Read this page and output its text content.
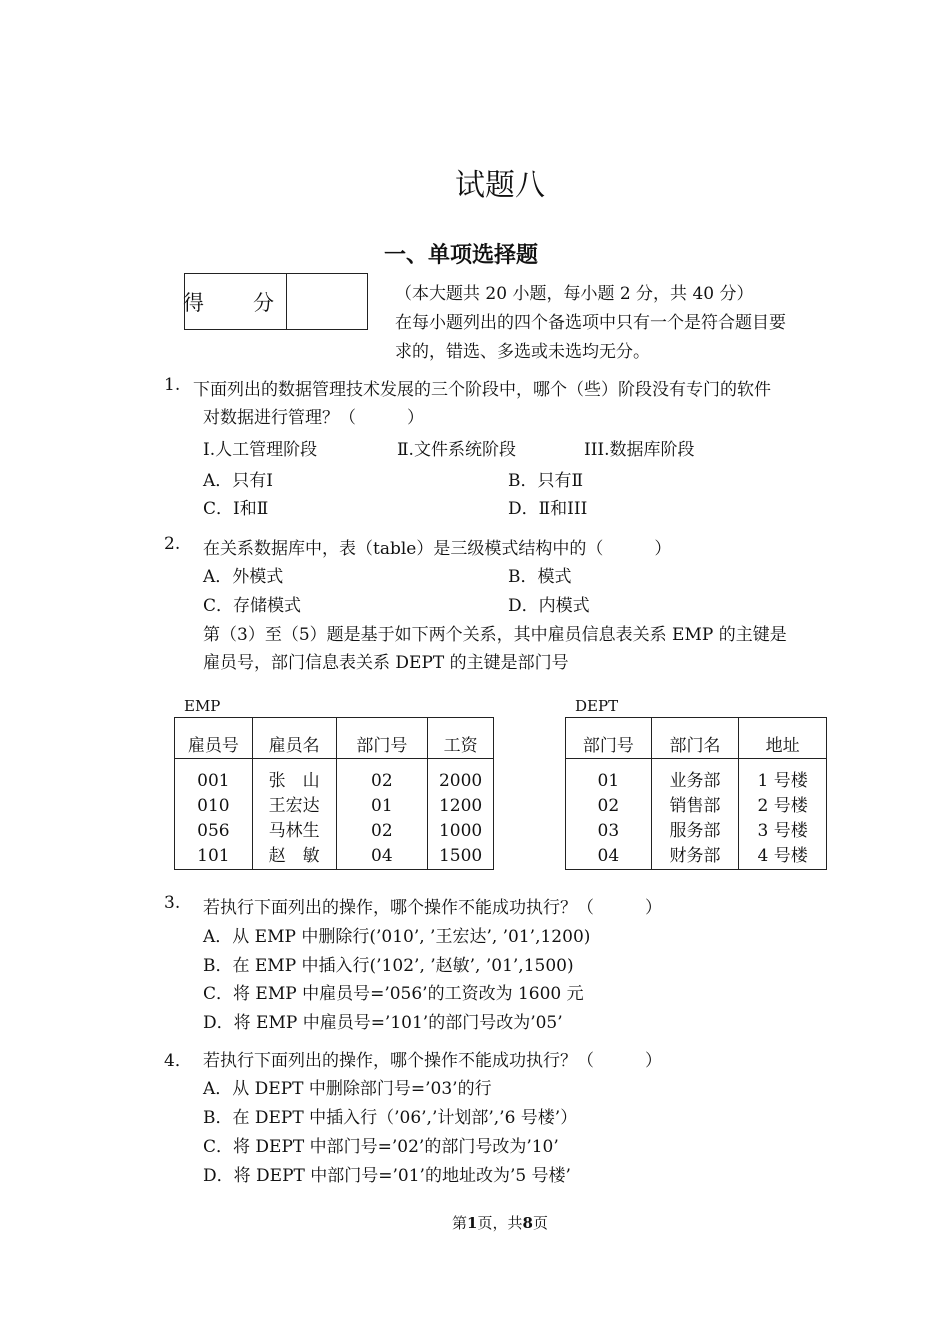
试题八
一、单项选择题
得　分	（本大题共 20 小题，每小题 2 分，共 40 分）
在每小题列出的四个备选项中只有一个是符合题目要
求的，错选、多选或未选均无分。
1. 下面列出的数据管理技术发展的三个阶段中，哪个（些）阶段没有专门的软件
对数据进行管理？（　　　）
Ⅰ.人工管理阶段	Ⅱ.文件系统阶段	III.数据库阶段
A．只有Ⅰ	B．只有Ⅱ
C．Ⅰ和Ⅱ	D．Ⅱ和III
2. 在关系数据库中，表（table）是三级模式结构中的（　　　）
A．外模式	B．模式
C．存储模式	D．内模式
第（3）至（5）题是基于如下两个关系，其中雇员信息表关系 EMP 的主键是
雇员号，部门信息表关系 DEPT 的主键是部门号
EMP
雇员号	雇员名	部门号	工资
001	张　山	02	2000
010	王宏达	01	1200
056	马林生	02	1000
101	赵　敏	04	1500
DEPT
部门号	部门名	地址
01	业务部	1 号楼
02	销售部	2 号楼
03	服务部	3 号楼
04	财务部	4 号楼
3. 若执行下面列出的操作，哪个操作不能成功执行？（　　　）
A．从 EMP 中删除行(’010’, ’王宏达’, ’01’,1200)
B．在 EMP 中插入行(’102’, ’赵敏’, ’01’,1500)
C．将 EMP 中雇员号=’056’的工资改为 1600 元
D．将 EMP 中雇员号=’101’的部门号改为’05’
4． 若执行下面列出的操作，哪个操作不能成功执行？（　　　）
A．从 DEPT 中删除部门号=’03’的行
B．在 DEPT 中插入行（’06’,’计划部’,’6 号楼’）
C．将 DEPT 中部门号=’02’的部门号改为’10’
D．将 DEPT 中部门号=’01’的地址改为’5 号楼’
第1页，共8页
